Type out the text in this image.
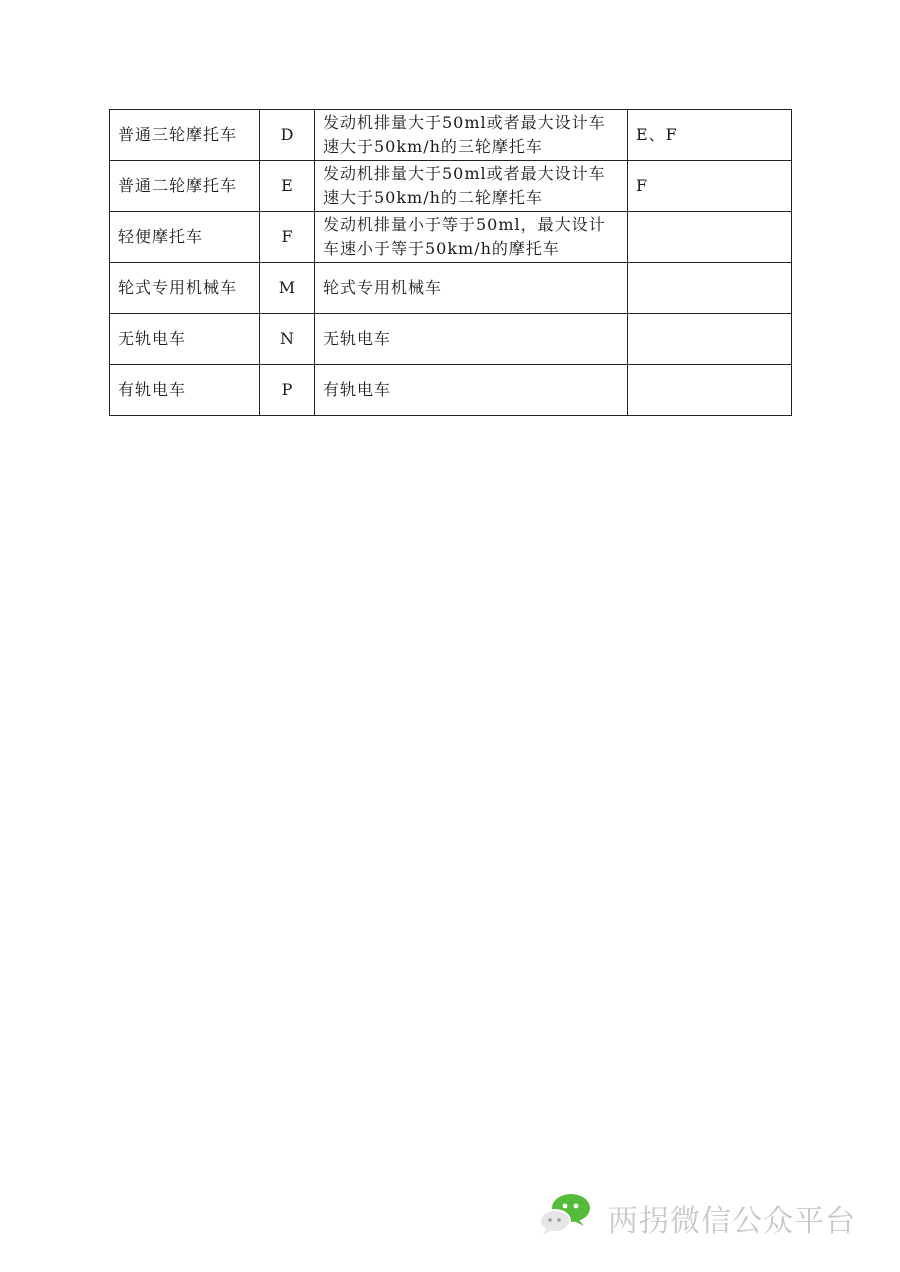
普通三轮摩托车	D	发动机排量大于50ml或者最大设计车速大于50km/h的三轮摩托车	E、F
普通二轮摩托车	E	发动机排量大于50ml或者最大设计车速大于50km/h的二轮摩托车	F
轻便摩托车	F	发动机排量小于等于50ml，最大设计车速小于等于50km/h的摩托车	
轮式专用机械车	M	轮式专用机械车	
无轨电车	N	无轨电车	
有轨电车	P	有轨电车	
两拐微信公众平台
